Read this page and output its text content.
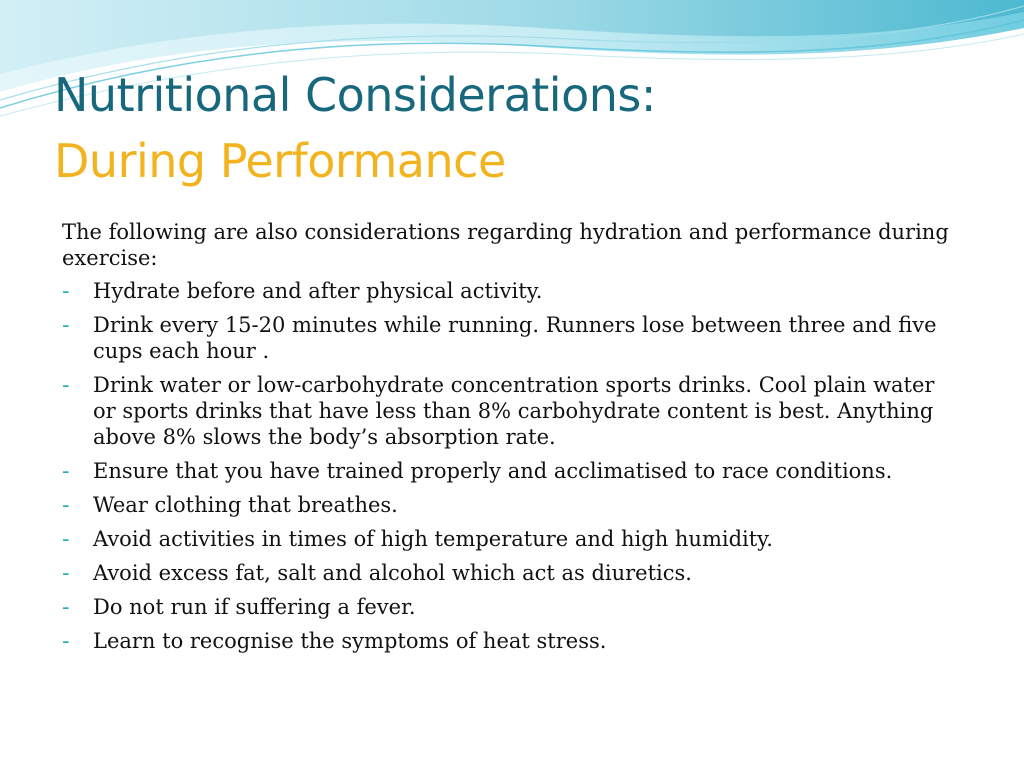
Nutritional Considerations:
During Performance
The following are also considerations regarding hydration and performance during exercise:
- Hydrate before and after physical activity.
- Drink every 15-20 minutes while running. Runners lose between three and five cups each hour .
- Drink water or low-carbohydrate concentration sports drinks. Cool plain water or sports drinks that have less than 8% carbohydrate content is best. Anything above 8% slows the body’s absorption rate.
- Ensure that you have trained properly and acclimatised to race conditions.
- Wear clothing that breathes.
- Avoid activities in times of high temperature and high humidity.
- Avoid excess fat, salt and alcohol which act as diuretics.
- Do not run if suffering a fever.
- Learn to recognise the symptoms of heat stress.
